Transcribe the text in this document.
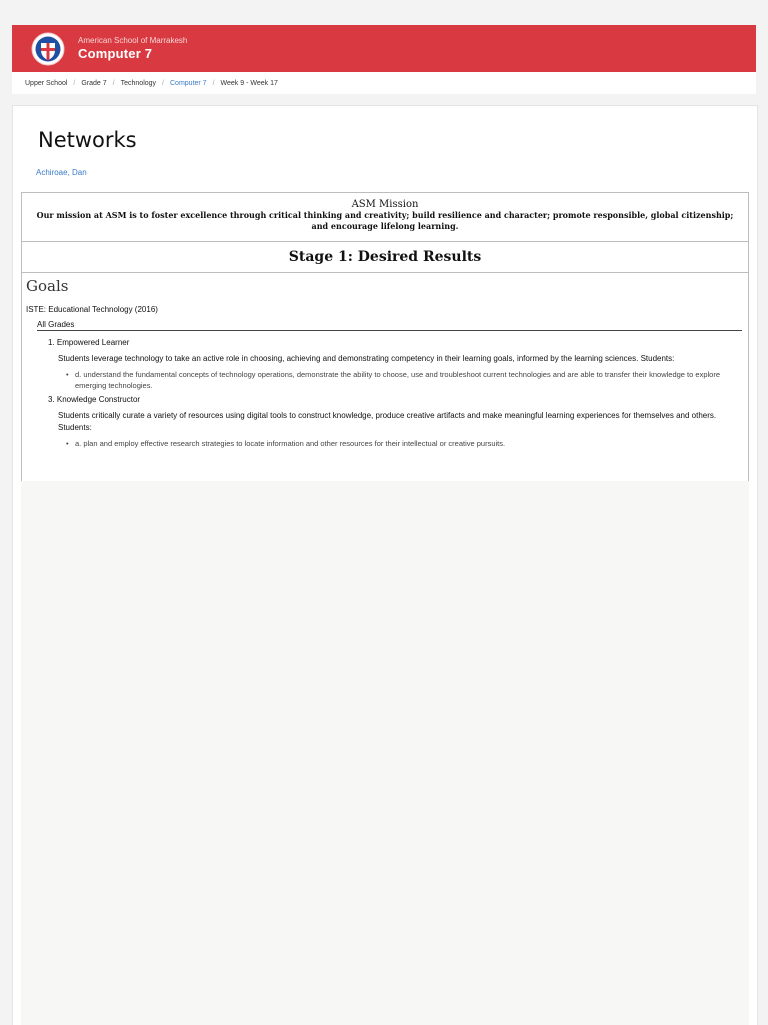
American School of Marrakesh
Computer 7
Upper School / Grade 7 / Technology / Computer 7 / Week 9 - Week 17
Networks
Achiroae, Dan
ASM Mission
Our mission at ASM is to foster excellence through critical thinking and creativity; build resilience and character; promote responsible, global citizenship; and encourage lifelong learning.
Stage 1: Desired Results
Goals
ISTE: Educational Technology (2016)
All Grades
1. Empowered Learner
Students leverage technology to take an active role in choosing, achieving and demonstrating competency in their learning goals, informed by the learning sciences. Students:
• d. understand the fundamental concepts of technology operations, demonstrate the ability to choose, use and troubleshoot current technologies and are able to transfer their knowledge to explore emerging technologies.
3. Knowledge Constructor
Students critically curate a variety of resources using digital tools to construct knowledge, produce creative artifacts and make meaningful learning experiences for themselves and others. Students:
• a. plan and employ effective research strategies to locate information and other resources for their intellectual or creative pursuits.
